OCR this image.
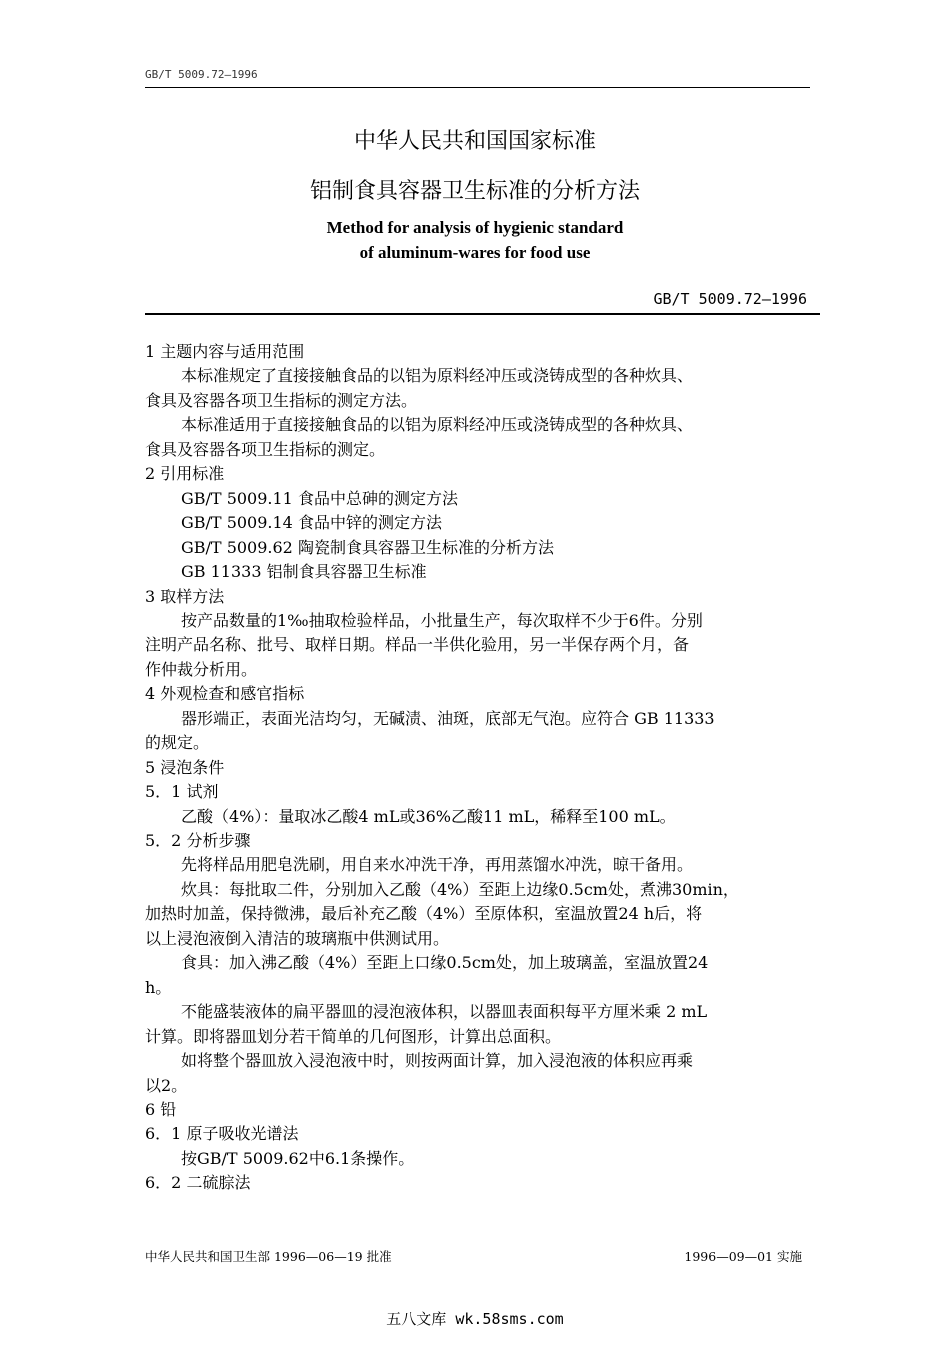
GB/T 5009.72—1996
中华人民共和国国家标准
铝制食具容器卫生标准的分析方法
Method for analysis of hygienic standard
of aluminum-wares for food use
GB/T 5009.72—1996
1 主题内容与适用范围
本标准规定了直接接触食品的以铝为原料经冲压或浇铸成型的各种炊具、
食具及容器各项卫生指标的测定方法。
本标准适用于直接接触食品的以铝为原料经冲压或浇铸成型的各种炊具、
食具及容器各项卫生指标的测定。
2 引用标准
GB/T 5009.11 食品中总砷的测定方法
GB/T 5009.14 食品中锌的测定方法
GB/T 5009.62 陶瓷制食具容器卫生标准的分析方法
GB 11333 铝制食具容器卫生标准
3 取样方法
按产品数量的1‰抽取检验样品，小批量生产，每次取样不少于6件。分别
注明产品名称、批号、取样日期。样品一半供化验用，另一半保存两个月，备
作仲裁分析用。
4 外观检查和感官指标
器形端正，表面光洁均匀，无碱渍、油斑，底部无气泡。应符合 GB 11333
的规定。
5 浸泡条件
5．1 试剂
乙酸（4%）：量取冰乙酸4 mL或36%乙酸11 mL，稀释至100 mL。
5．2 分析步骤
先将样品用肥皂洗刷，用自来水冲洗干净，再用蒸馏水冲洗，晾干备用。
炊具：每批取二件，分别加入乙酸（4%）至距上边缘0.5cm处，煮沸30min，
加热时加盖，保持微沸，最后补充乙酸（4%）至原体积，室温放置24 h后，将
以上浸泡液倒入清洁的玻璃瓶中供测试用。
食具：加入沸乙酸（4%）至距上口缘0.5cm处，加上玻璃盖，室温放置24
h。
不能盛装液体的扁平器皿的浸泡液体积，以器皿表面积每平方厘米乘 2 mL
计算。即将器皿划分若干简单的几何图形，计算出总面积。
如将整个器皿放入浸泡液中时，则按两面计算，加入浸泡液的体积应再乘
以2。
6 铅
6．1 原子吸收光谱法
按GB/T 5009.62中6.1条操作。
6．2 二硫腙法
中华人民共和国卫生部 1996—06—19 批准	1996—09—01 实施
五八文库 wk.58sms.com
